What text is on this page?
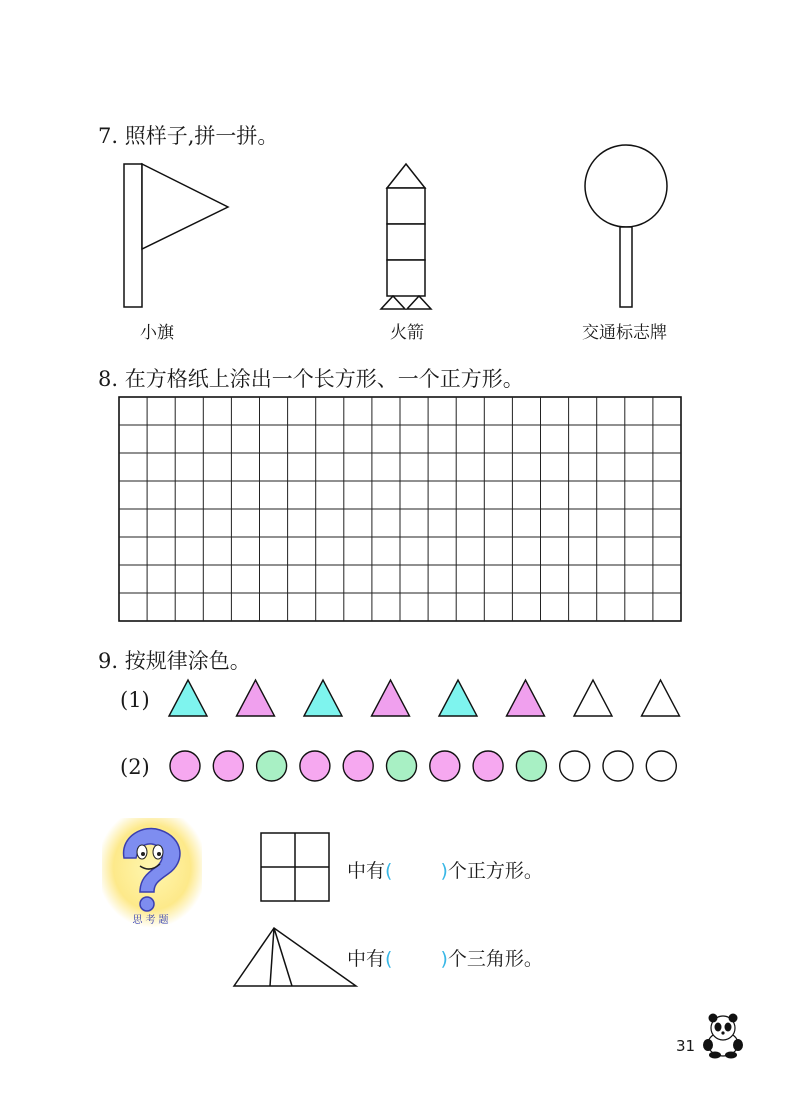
7. 照样子,拼一拼。
小旗	火箭	交通标志牌
8. 在方格纸上涂出一个长方形、一个正方形。
9. 按规律涂色。
(1)
(2)
思考题
中有(	)个正方形。
中有(	)个三角形。
31
